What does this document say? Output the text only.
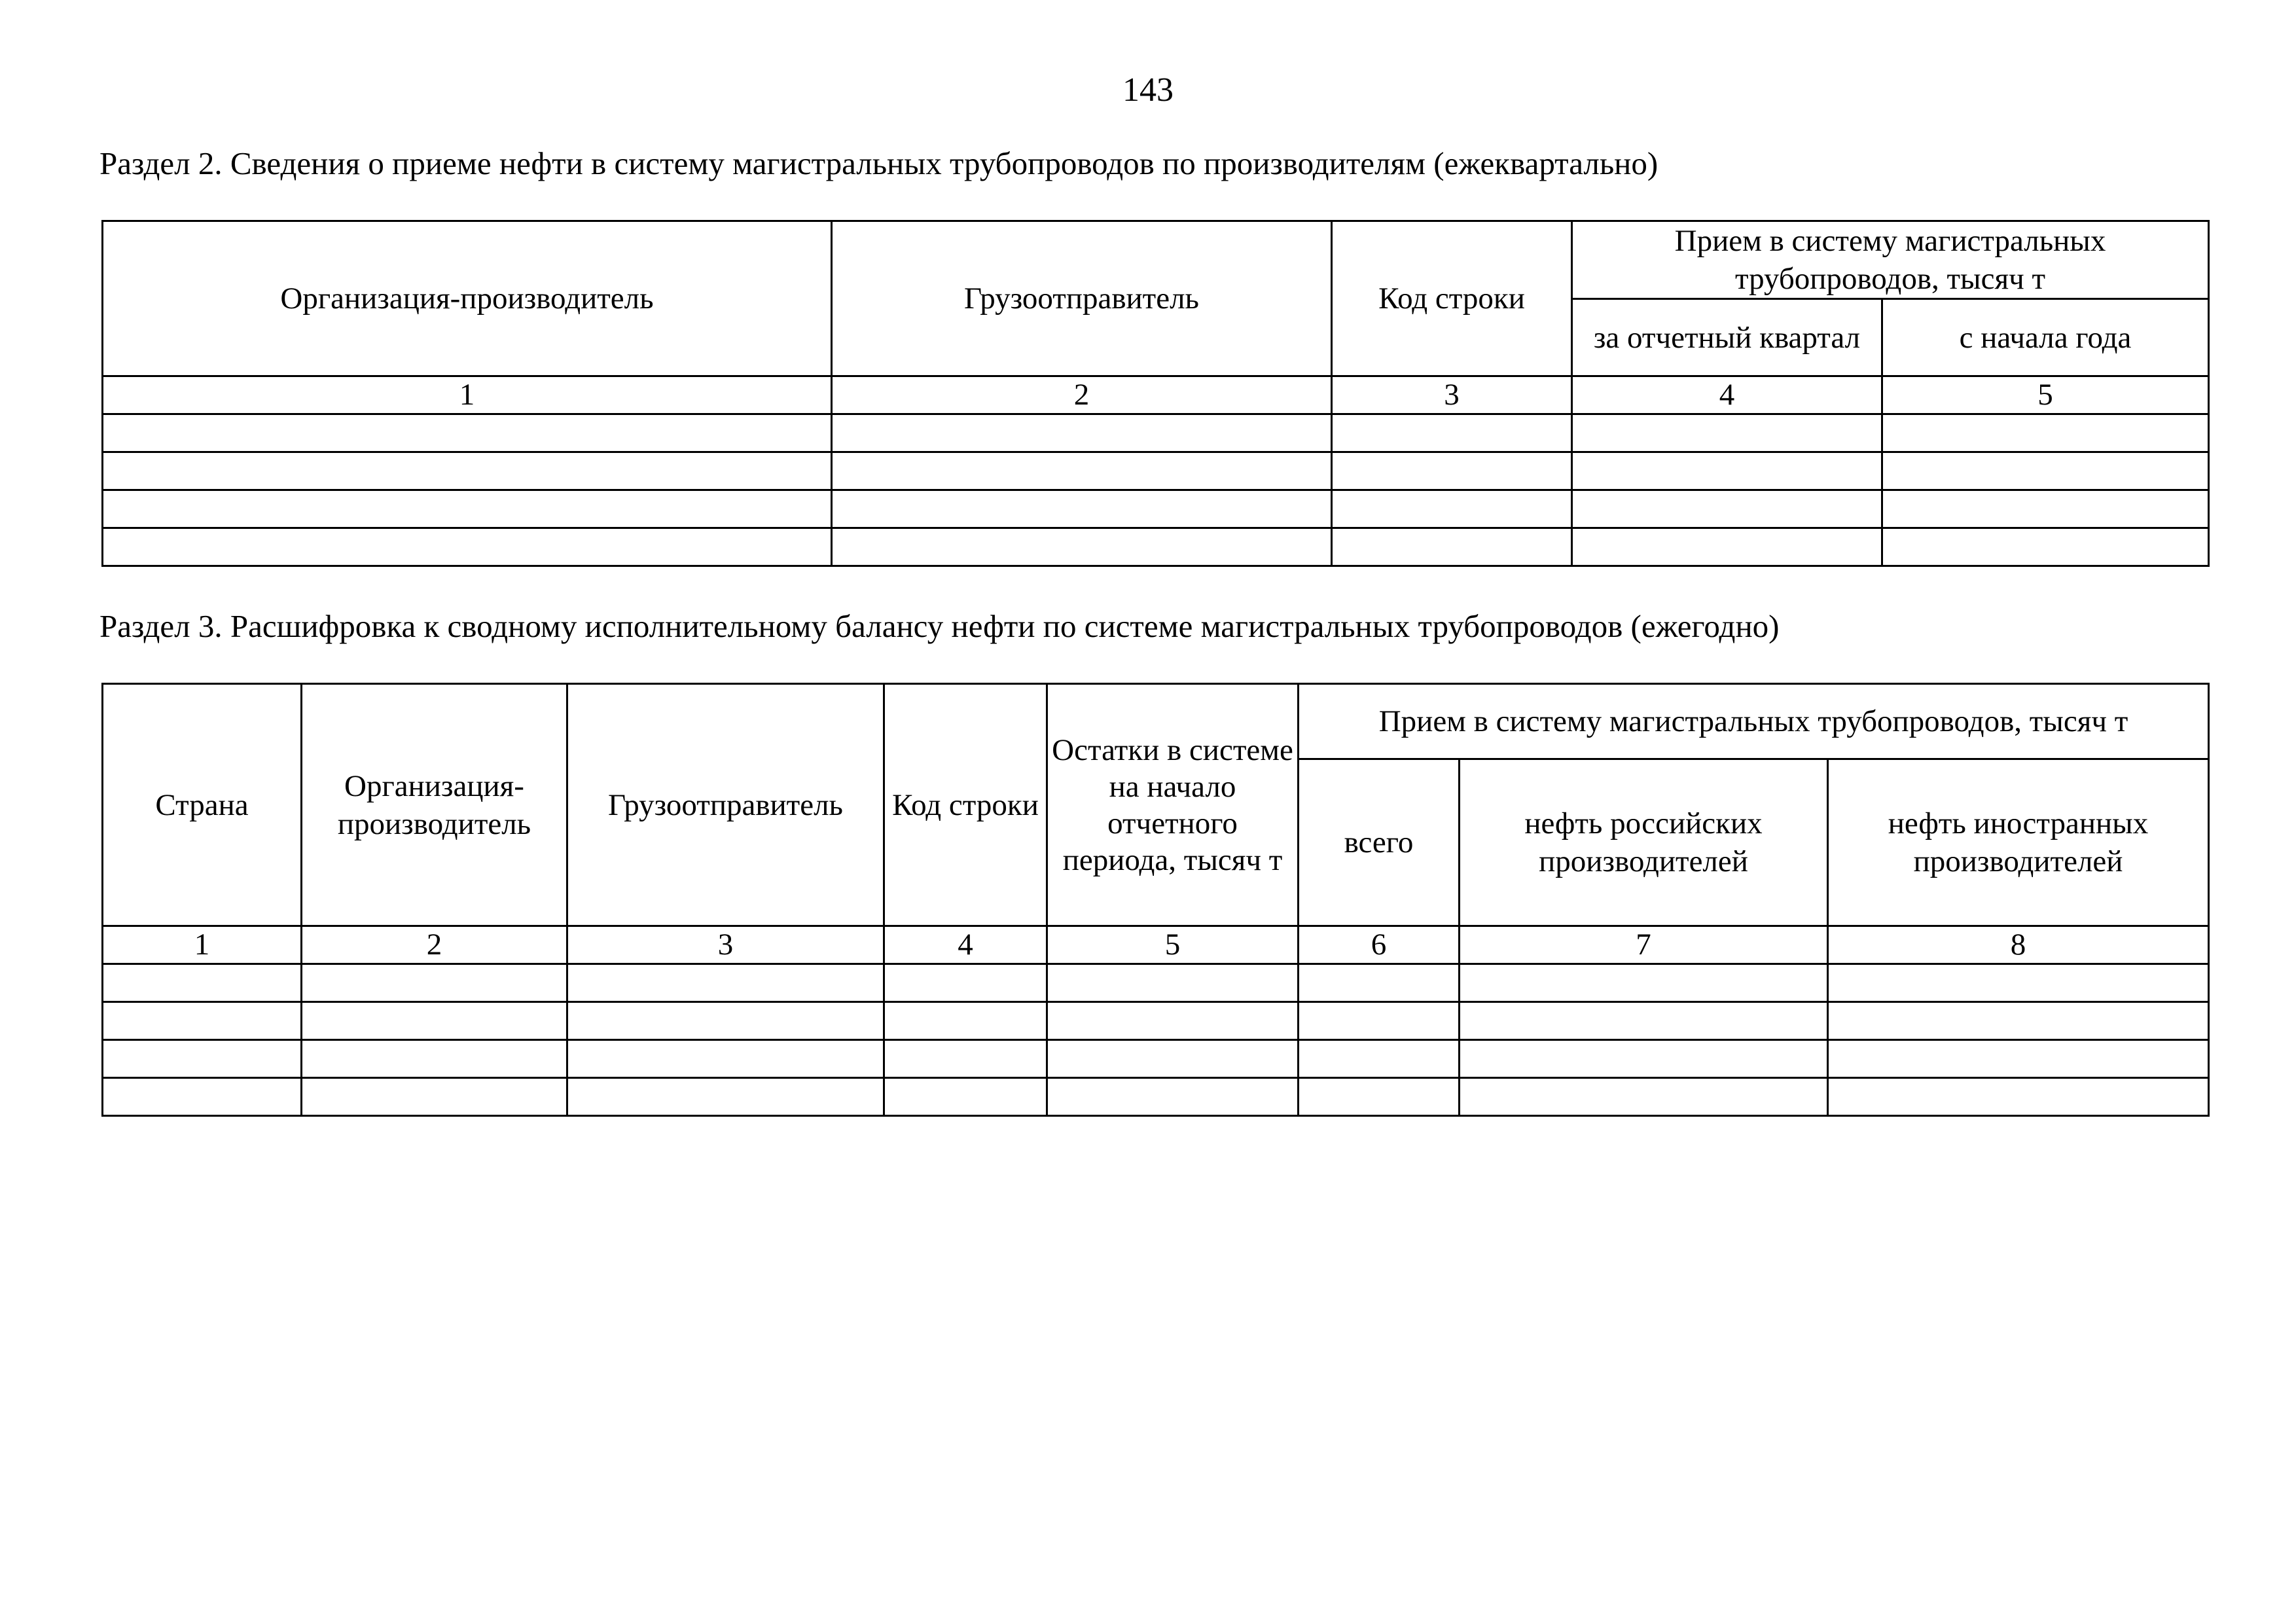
143
Раздел 2. Сведения о приеме нефти в систему магистральных трубопроводов по производителям (ежеквартально)
Организация-производитель	Грузоотправитель	Код строки	Прием в систему магистральных трубопроводов, тысяч т	
			за отчетный квартал	с начала года
1	2	3	4	5

Раздел 3. Расшифровка к сводному исполнительному балансу нефти по системе магистральных трубопроводов (ежегодно)
Страна	Организация-производитель	Грузоотправитель	Код строки	Остатки в системе на начало отчетного периода, тысяч т	Прием в систему магистральных трубопроводов, тысяч т		
					всего	нефть российских производителей	нефть иностранных производителей
1	2	3	4	5	6	7	8
